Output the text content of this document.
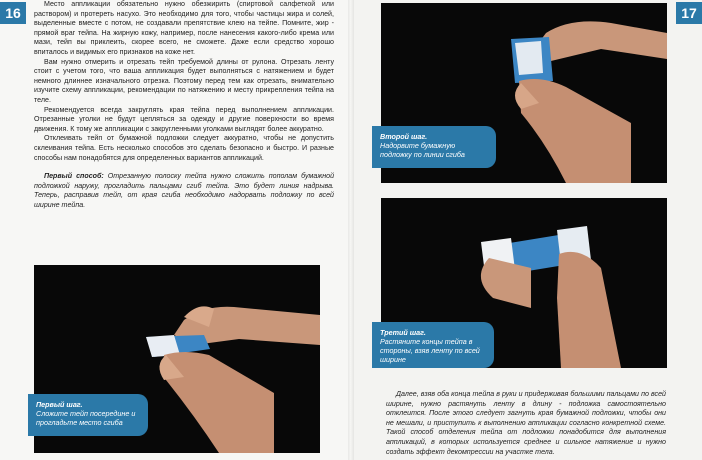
16	17

Место аппликации обязательно нужно обезжирить (спиртовой салфеткой или раствором) и протереть насухо. Это необходимо для того, чтобы частицы жира и солей, выделенные вместе с потом, не создавали препятствие клею на тейпе. Помните, жир - прямой враг тейпа. На жирную кожу, например, после нанесения какого-либо крема или мази, тейп вы приклеить, скорее всего, не сможете. Даже если средство хорошо впиталось и видимых его признаков на коже нет.

Вам нужно отмерить и отрезать тейп требуемой длины от рулона. Отрезать ленту стоит с учетом того, что ваша аппликация будет выполняться с натяжением и будет немного длиннее изначального отрезка. Поэтому перед тем как отрезать, внимательно изучите схему аппликации, рекомендации по натяжению и месту прикрепления тейпа на теле.

Рекомендуется всегда закруглять края тейпа перед выполнением аппликации. Отрезанные уголки не будут цепляться за одежду и другие поверхности во время движения. К тому же аппликации с закругленными уголками выглядят более аккуратно.

Отклеивать тейп от бумажной подложки следует аккуратно, чтобы не допустить склеивания тейпа. Есть несколько способов это сделать безопасно и быстро. И разные способы нам понадобятся для определенных вариантов аппликаций.

Первый способ: Отрезанную полоску тейпа нужно сложить пополам бумажной подложкой наружу, прогладить пальцами сгиб тейпа. Это будет линия надрыва. Теперь, расправив тейп, от края сгиба необходимо надорвать подложку по всей ширине тейпа.

Первый шаг.
Сложите тейп посередине и прогладьте место сгиба
Второй шаг.
Надорвите бумажную подложку по линии сгиба
Третий шаг.
Растяните концы тейпа в стороны, взяв ленту по всей ширине

Далее, взяв оба конца тейпа в руки и придерживая большими пальцами по всей ширине, нужно растянуть ленту в длину - подложка самостоятельно отклеится. После этого следует загнуть края бумажной подложки, чтобы они не мешали, и приступить к выполнению аппликации согласно конкретной схеме. Такой способ отделения тейпа от подложки понадобится для выполнения аппликаций, в которых используется среднее и сильное натяжение и нужно создать эффект декомпрессии на участке тела.
